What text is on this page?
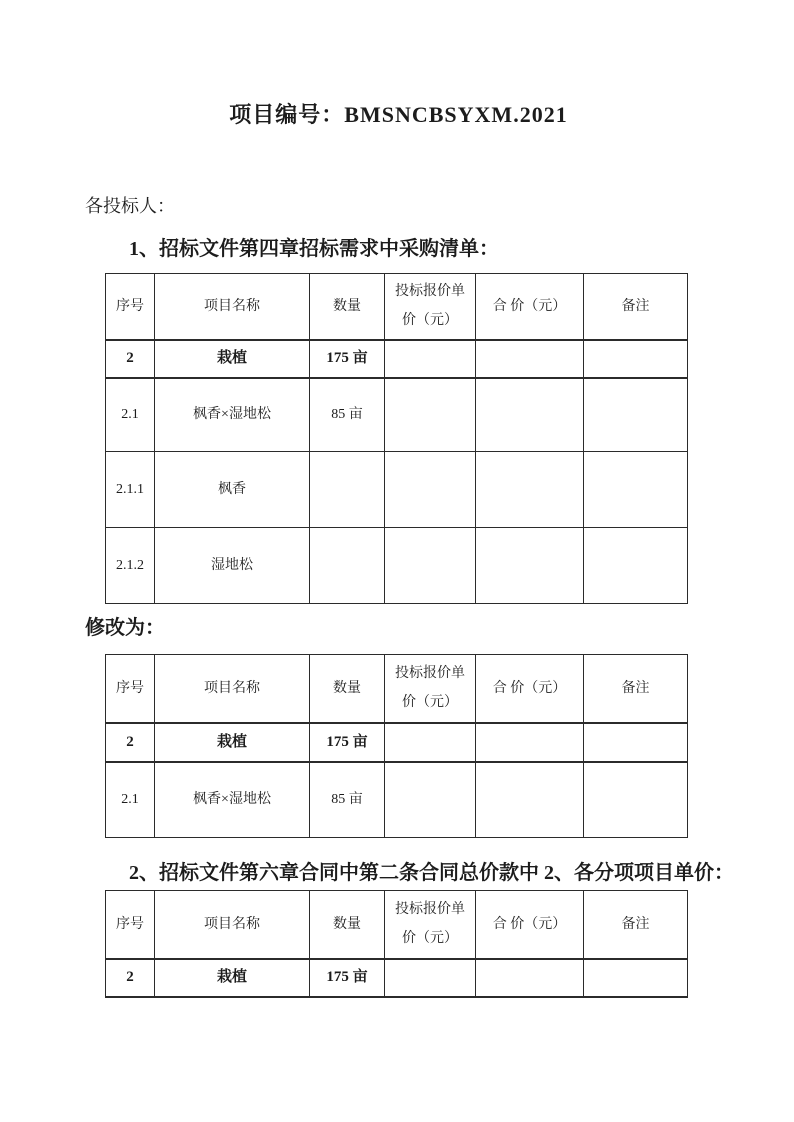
项目编号：BMSNCBSYXM.2021

各投标人：

1、招标文件第四章招标需求中采购清单：
序号	项目名称	数量	投标报价单价（元）	合 价（元）	备注
2	栽植	175 亩			
2.1	枫香×湿地松	85 亩			
2.1.1	枫香				
2.1.2	湿地松				
修改为：
序号	项目名称	数量	投标报价单价（元）	合 价（元）	备注
2	栽植	175 亩			
2.1	枫香×湿地松	85 亩			
2、招标文件第六章合同中第二条合同总价款中 2、各分项项目单价：
序号	项目名称	数量	投标报价单价（元）	合 价（元）	备注
2	栽植	175 亩			
